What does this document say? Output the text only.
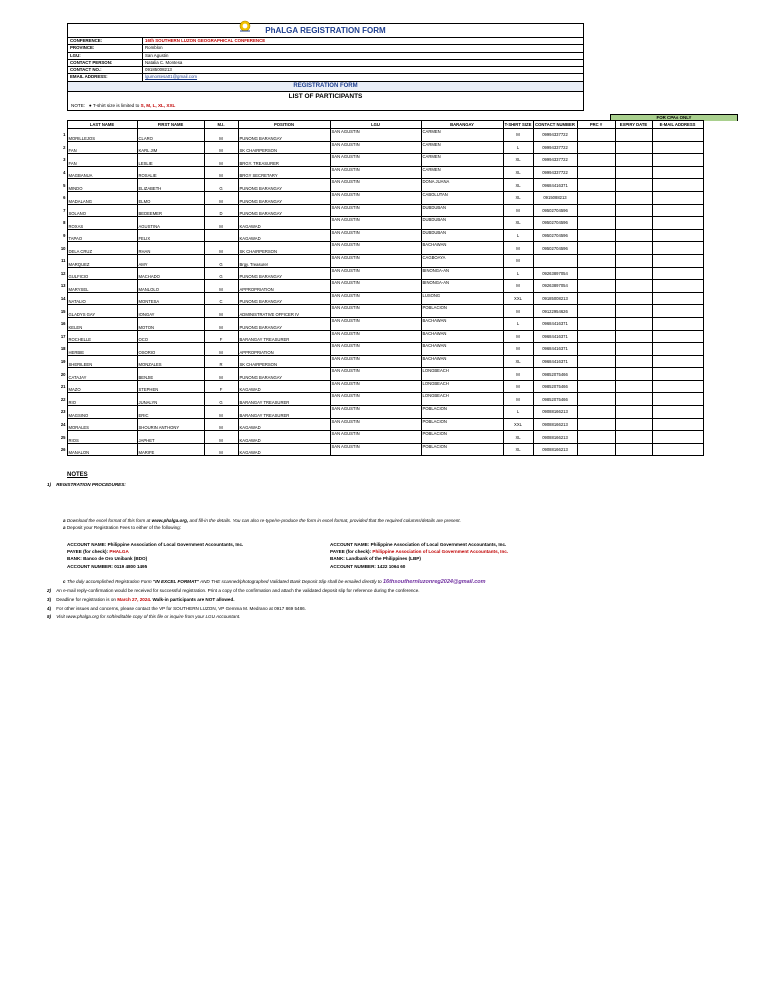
PhALGA REGISTRATION FORM
CONFERENCE:	16th SOUTHERN LUZON GEOGRAPHICAL CONFERENCE
PROVINCE:	Romblon
LGU:	San Agustin
CONTACT PERSON:	Natalia C. Montesa
CONTACT NO.:	09185008213
EMAIL ADDRESS:	lgumontesa01@gmail.com
REGISTRATION FORM
LIST OF PARTICIPANTS
NOTE: ● T-shirt size is limited to S, M, L, XL, XXL
FOR CPAs ONLY
	LAST NAME	FIRST NAME	M.I.	POSITION	LGU	BARANGAY	T-SHIRT SIZE	CONTACT NUMBER	PRC #	EXPIRY DATE	E-MAIL ADDRESS
1	MORILLEJOS	CLARO	M	PUNONG BARANGAY	SAN AGUSTIN	CARMEN	M	09994337722			
2	FAN	KARL JIM	M	SK CHAIRPERSON	SAN AGUSTIN	CARMEN	L	09994337722			
3	FAN	LESLIE	M	BRGY. TREASURER	SAN AGUSTIN	CARMEN	XL	09994337722			
4	MAGBANUA	ROSALIE	M	BRGY SECRETARY	SAN AGUSTIN	CARMEN	XL	09994337722			
5	MINDO	ELIZABETH	G	PUNONG BARANGAY	SAN AGUSTIN	DONA JUANA	XL	09684416371			
6	MADALANG	ELMO	M	PUNONG BARANGAY	SAN AGUSTIN	CABOLUTAN	XL	0915088213			
7	SOLANO	BEDEEMER	D	PUNONG BARANGAY	SAN AGUSTIN	DUBDUBAN	M	09502704596			
8	ROXAS	AGUSTINA	M	KAGAWAD	SAN AGUSTIN	DUBDUBAN	XL	09502704596			
9	TAPAO	FELIX		KAGAWAD	SAN AGUSTIN	DUBDUBAN	L	09502704596			
10	DELA CRUZ	RHAN	M	SK CHAIRPERSON	SAN AGUSTIN	BACHAWAN	M	09502704596			
11	MARQUEZ	AMY	G	Brgy. Treasurer	SAN AGUSTIN	CAGBOAYA	M				
12	GULFICIO	MACHADO	G	PUNONG BARANGAY	SAN AGUSTIN	BINONGA-AN	L	09263897054			
13	MARYSEL	MANLOLO	M	APPROPRIATION	SAN AGUSTIN	BINONGA-AN	M	09263897054			
14	NATALIO	MONTESA	C	PUNONG BARANGAY	SAN AGUSTIN	LUSONG	XXL	09185008213			
15	GLADYS GAY	IONGAY	M	ADMINISTRATIVE OFFICER IV	SAN AGUSTIN	POBLACION	M	09122954626			
16	KELEN	MOTON	M	PUNONG BARANGAY	SAN AGUSTIN	BACHAWAN	L	09684416371			
17	ROCHELLE	OCO	F	BARANGAY TREASURER	SAN AGUSTIN	BACHAWAN	M	09684416371			
18	HERBIE	OSORIO	M	APPROPRIATION	SAN AGUSTIN	BACHAWAN	M	09684416371			
19	SHERILEEN	MONZALES	R	SK CHAIRPERSON	SAN AGUSTIN	BACHAWAN	XL	09684416371			
20	CATAJAY	BENJIE	M	PUNONG BARANGAY	SAN AGUSTIN	LONGBEACH	M	09852075466			
21	MAZO	STEPHEN	F	KAGAWAD	SAN AGUSTIN	LONGBEACH	M	09852075466			
22	RIO	JUNALYN	G	BARANGAY TREASURER	SAN AGUSTIN	LONGBEACH	M	09852075466			
23	MAGSINO	ERIC	M	BARANGAY TREASURER	SAN AGUSTIN	POBLACION	L	09088166213			
24	MORALES	SHOURIN ANTHONY	M	KAGAWAD	SAN AGUSTIN	POBLACION	XXL	09088166213			
25	RIOS	JAPHET	M	KAGAWAD	SAN AGUSTIN	POBLACION	XL	09088166213			
26	MANALON	MARIFE	M	KAGAWAD	SAN AGUSTIN	POBLACION	XL	09088166213			
NOTES
1) REGISTRATION PROCEDURES:
a Download the excel format of this form at www.phalga.org, and fill-in the details. You can also re-type/re-produce the form in excel format, provided that the required columns/details are present.
a Deposit your Registration Fees to either of the following:
ACCOUNT NAME: Philippine Association of Local Government Accountants, Inc.
PAYEE (for check): PHALGA
BANK: Banco de Oro Unibank (BDO)
ACCOUNT NUMBER: 0119 4800 1495
ACCOUNT NAME: Philippine Association of Local Government Accountants, Inc.
PAYEE (for check): Philippine Association of Local Government Accountants, Inc.
BANK: Landbank of the Philippines (LBP)
ACCOUNT NUMBER: 1422 1064 60
c The duly accomplished Registration Form "IN EXCEL FORMAT" AND THE scanned/photographed Validated Bank Deposit Slip shall be emailed directly to 16thsouthernluzonreg2024@gmail.com
2) An e-mail reply-confirmation would be received for successful registration. Print a copy of the confirmation and attach the validated deposit slip for reference during the conference.
3) Deadline for registration is on March 27, 2024. Walk-in participants are NOT allowed.
4) For other issues and concerns, please contact the VP for SOUTHERN LUZON, VP Gemma M. Medrano at 0917 869 5486.
5) Visit www.phalga.org for soft/editable copy of this file or inquire from your LGU Accountant.
